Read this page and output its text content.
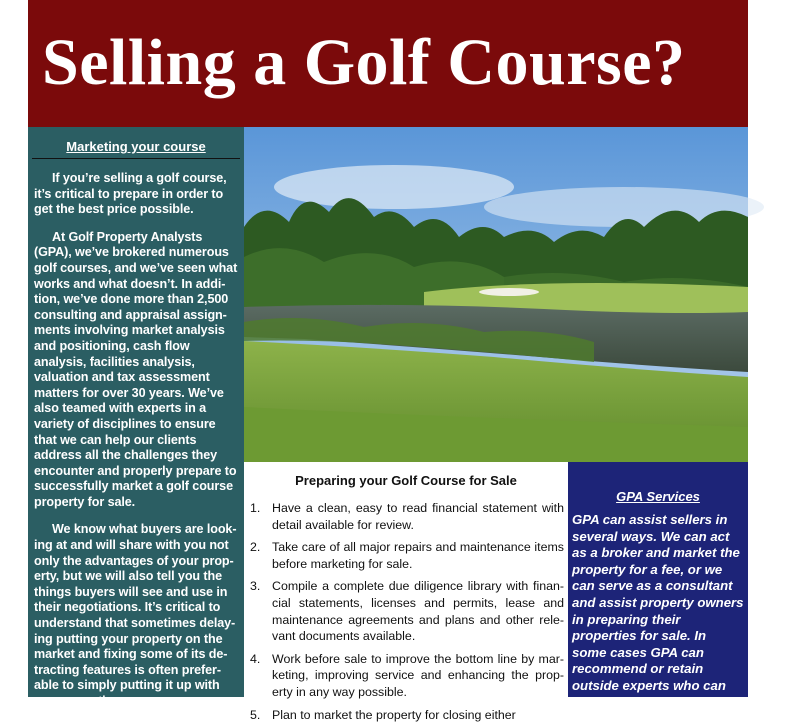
Selling a Golf Course?
Marketing your course

If you’re selling a golf course, it’s critical to prepare in order to get the best price possible.

At Golf Property Analysts (GPA), we’ve brokered numerous golf courses, and we’ve seen what works and what doesn’t. In addi-tion, we’ve done more than 2,500 consulting and appraisal assign-ments involving market analysis and positioning, cash flow analysis, facilities analysis, valuation and tax assessment matters for over 30 years. We’ve also teamed with experts in a variety of disciplines to ensure that we can help our clients address all the challenges they encounter and properly prepare to successfully market a golf course property for sale.

We know what buyers are look-ing at and will share with you not only the advantages of your prop-erty, but we will also tell you the things buyers will see and use in their negotiations. It’s critical to understand that sometimes delay-ing putting your property on the market and fixing some of its de-tracting features is often prefer-able to simply putting it up with no preparation.

Preparing your Golf Course for Sale
1. Have a clean, easy to read financial statement with detail available for review.
2. Take care of all major repairs and maintenance items before marketing for sale.
3. Compile a complete due diligence library with finan-cial statements, licenses and permits, lease and maintenance agreements and plans and other rele-vant documents available.
4. Work before sale to improve the bottom line by mar-keting, improving service and enhancing the prop-erty in any way possible.
5. Plan to market the property for closing either
GPA Services

GPA can assist sellers in several ways. We can act as a broker and market the property for a fee, or we can serve as a consultant and assist property owners in preparing their properties for sale. In some cases GPA can recommend or retain outside experts who can
